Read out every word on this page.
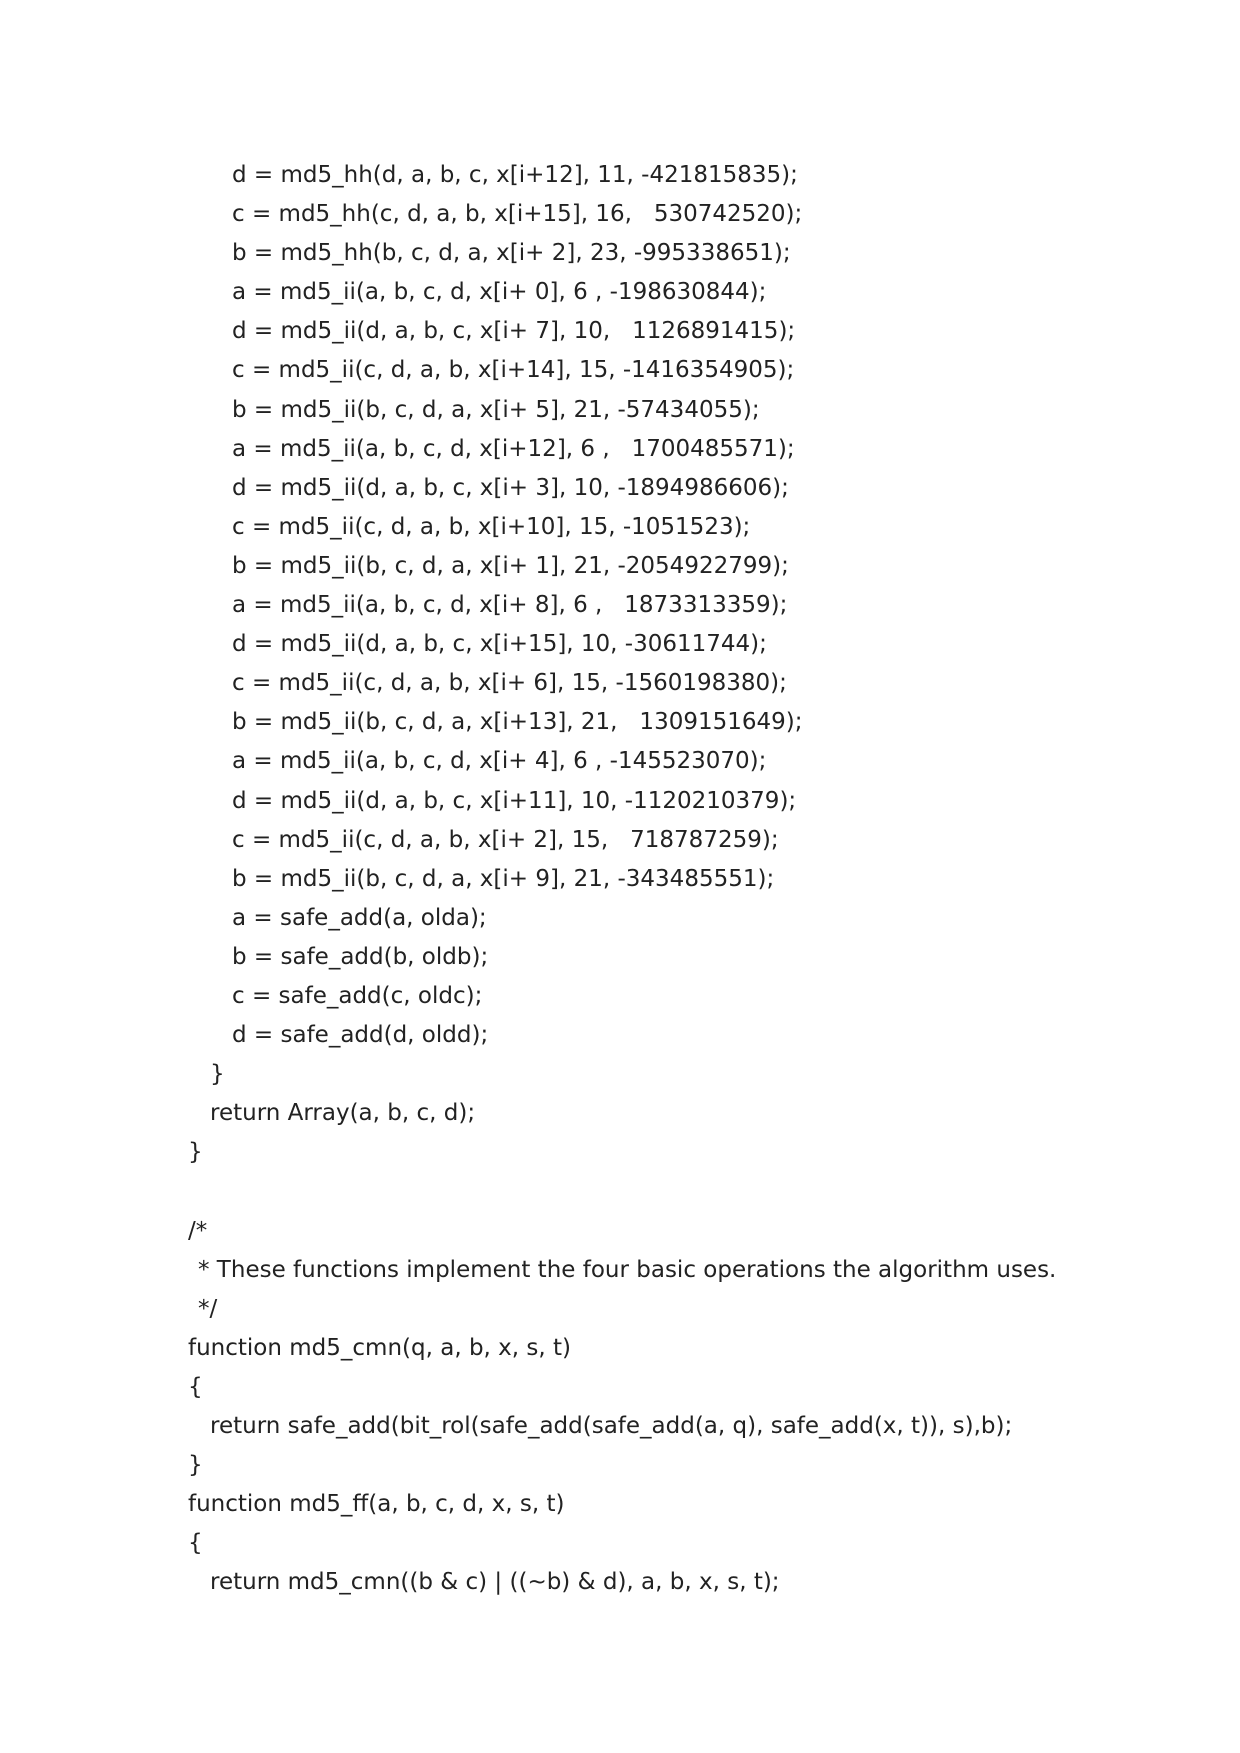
d = md5_hh(d, a, b, c, x[i+12], 11, -421815835);
c = md5_hh(c, d, a, b, x[i+15], 16,   530742520);
b = md5_hh(b, c, d, a, x[i+ 2], 23, -995338651);
a = md5_ii(a, b, c, d, x[i+ 0], 6 , -198630844);
d = md5_ii(d, a, b, c, x[i+ 7], 10,   1126891415);
c = md5_ii(c, d, a, b, x[i+14], 15, -1416354905);
b = md5_ii(b, c, d, a, x[i+ 5], 21, -57434055);
a = md5_ii(a, b, c, d, x[i+12], 6 ,   1700485571);
d = md5_ii(d, a, b, c, x[i+ 3], 10, -1894986606);
c = md5_ii(c, d, a, b, x[i+10], 15, -1051523);
b = md5_ii(b, c, d, a, x[i+ 1], 21, -2054922799);
a = md5_ii(a, b, c, d, x[i+ 8], 6 ,   1873313359);
d = md5_ii(d, a, b, c, x[i+15], 10, -30611744);
c = md5_ii(c, d, a, b, x[i+ 6], 15, -1560198380);
b = md5_ii(b, c, d, a, x[i+13], 21,   1309151649);
a = md5_ii(a, b, c, d, x[i+ 4], 6 , -145523070);
d = md5_ii(d, a, b, c, x[i+11], 10, -1120210379);
c = md5_ii(c, d, a, b, x[i+ 2], 15,   718787259);
b = md5_ii(b, c, d, a, x[i+ 9], 21, -343485551);
a = safe_add(a, olda);
b = safe_add(b, oldb);
c = safe_add(c, oldc);
d = safe_add(d, oldd);
}
return Array(a, b, c, d);
}
/*
* These functions implement the four basic operations the algorithm uses.
*/
function md5_cmn(q, a, b, x, s, t)
{
return safe_add(bit_rol(safe_add(safe_add(a, q), safe_add(x, t)), s),b);
}
function md5_ff(a, b, c, d, x, s, t)
{
return md5_cmn((b & c) | ((~b) & d), a, b, x, s, t);
